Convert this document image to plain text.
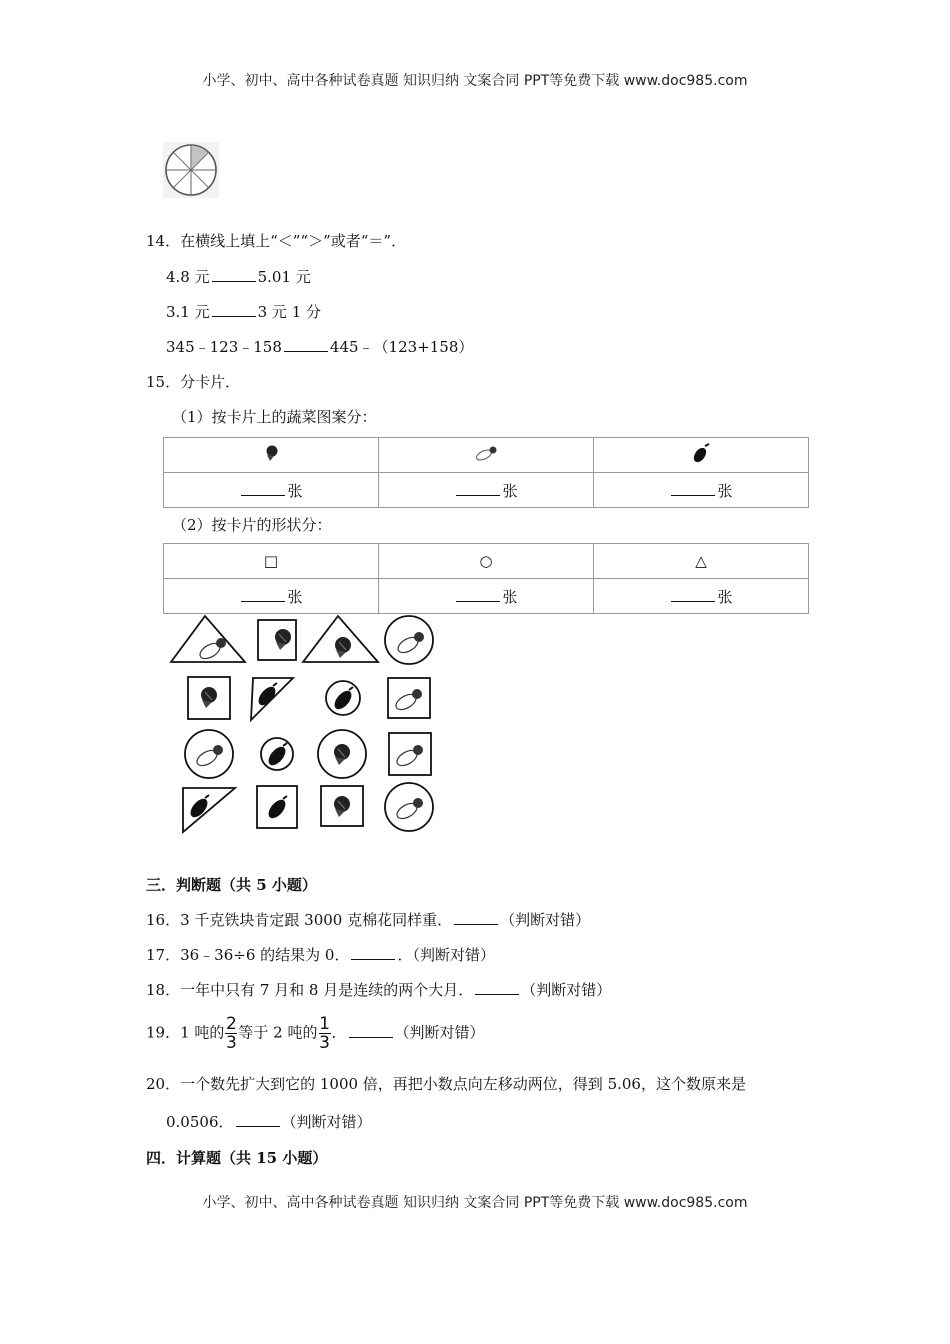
小学、初中、高中各种试卷真题 知识归纳 文案合同 PPT等免费下载 www.doc985.com
14．在横线上填上“＜”“＞”或者“＝”．
4.8 元	5.01 元
3.1 元	3 元 1 分
345﹣123﹣158	445﹣（123+158）
15．分卡片．
（1）按卡片上的蔬菜图案分：

张	张	张
（2）按卡片的形状分：
□	○	△
张	张	张
三．判断题（共 5 小题）
16．3 千克铁块肯定跟 3000 克棉花同样重．	（判断对错）
17．36﹣36÷6 的结果为 0．	．（判断对错）
18．一年中只有 7 月和 8 月是连续的两个大月．	（判断对错）
19．1 吨的 $\frac{2}{3}$ 等于 2 吨的 $\frac{1}{3}$ ．	（判断对错）
20．一个数先扩大到它的 1000 倍，再把小数点向左移动两位，得到 5.06，这个数原来是
0.0506．	（判断对错）
四．计算题（共 15 小题）
小学、初中、高中各种试卷真题 知识归纳 文案合同 PPT等免费下载 www.doc985.com
